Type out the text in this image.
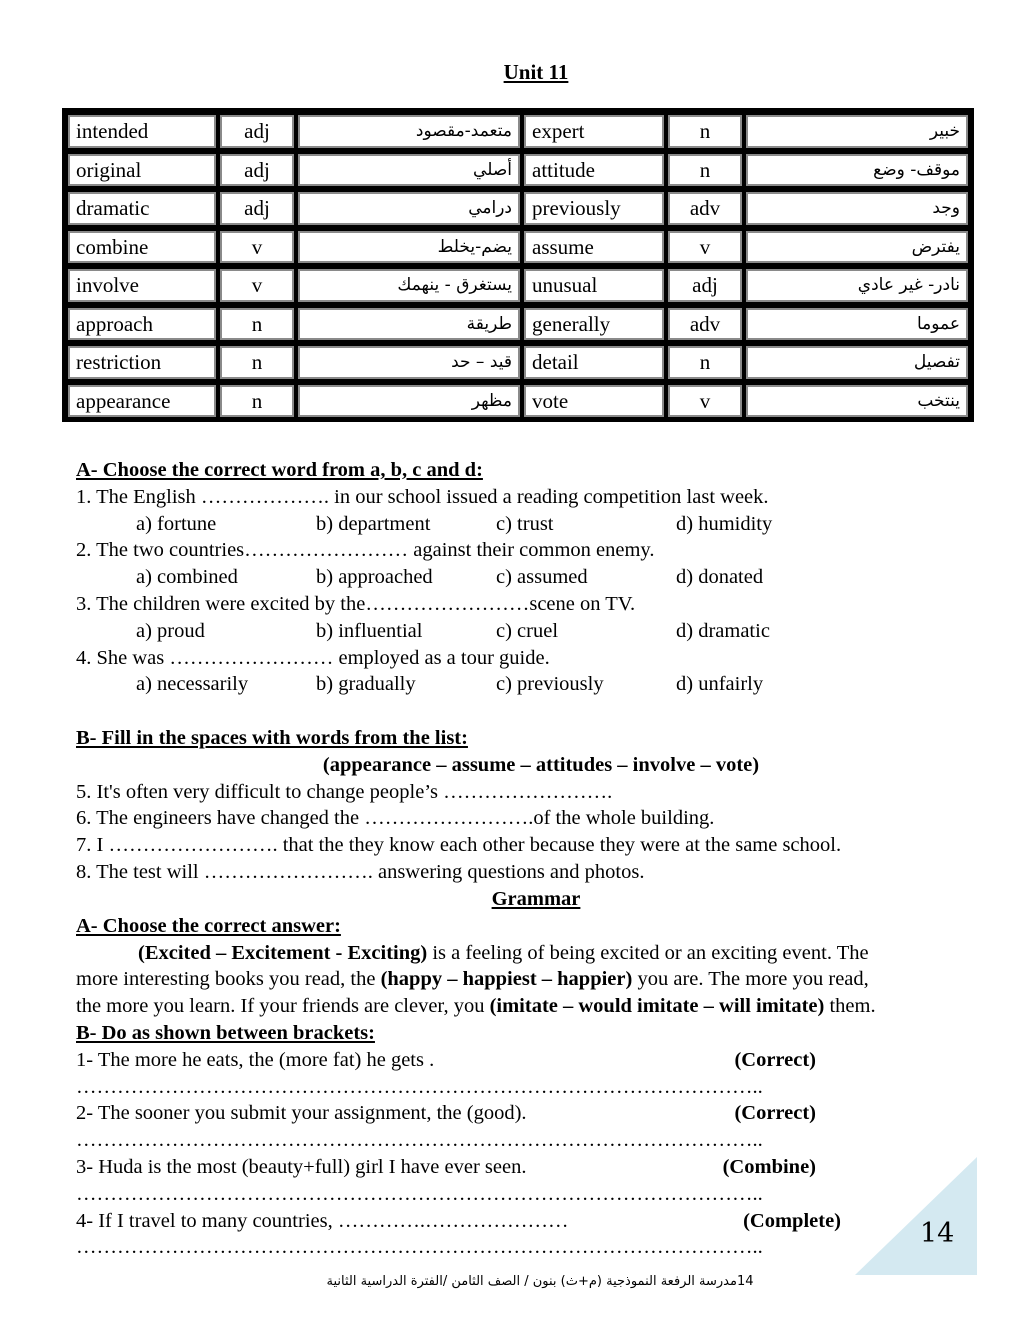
Unit 11
intended	adj	متعمد-مقصود expert	n	خبير
original	adj	أصلي attitude	n	موقف- وضع
dramatic	adj	درامي previously	adv	وجد
combine	v	يضم-يخلط assume	v	يفترض
involve	v	يستغرق - ينهمك unusual	adj	نادر- غير عادي
approach	n	طريقة generally	adv	عموما
restriction	n	قيد – حد detail	n	تفصيل
appearance	n	مظهر vote	v	ينتخب
A- Choose the correct word from a, b, c and d:
1. The English ………………. in our school issued a reading competition last week.
a) fortune	b) department	c) trust	d) humidity
2. The two countries…………………… against their common enemy.
a) combined	b) approached	c) assumed	d) donated
3. The children were excited by the……………………scene on TV.
a) proud	b) influential	c) cruel	d) dramatic
4. She was …………………… employed as a tour guide.
a) necessarily	b) gradually	c) previously	d) unfairly
B- Fill in the spaces with words from the list:
(appearance – assume – attitudes – involve – vote)
5. It's often very difficult to change people’s …………………….
6. The engineers have changed the …………………….of the whole building.
7. I ……………………. that the they know each other because they were at the same school.
8. The test will ……………………. answering questions and photos.
Grammar
A- Choose the correct answer:
(Excited – Excitement - Exciting) is a feeling of being excited or an exciting event. The
more interesting books you read, the (happy – happiest – happier) you are. The more you read,
the more you learn. If your friends are clever, you (imitate – would imitate – will imitate) them.
B- Do as shown between brackets:
1- The more he eats, the (more fat) he gets .	(Correct)
………………………………………………………………………………………..
2- The sooner you submit your assignment, the (good).	(Correct)
………………………………………………………………………………………..
3- Huda is the most (beauty+full) girl I have ever seen.	(Combine)
………………………………………………………………………………………..
4- If I travel to many countries, ………….…………………	(Complete)
………………………………………………………………………………………..	14
14مدرسة الرفعة النموذجية (م+ث) بنون / الصف الثامن /الفترة الدراسية الثانية
